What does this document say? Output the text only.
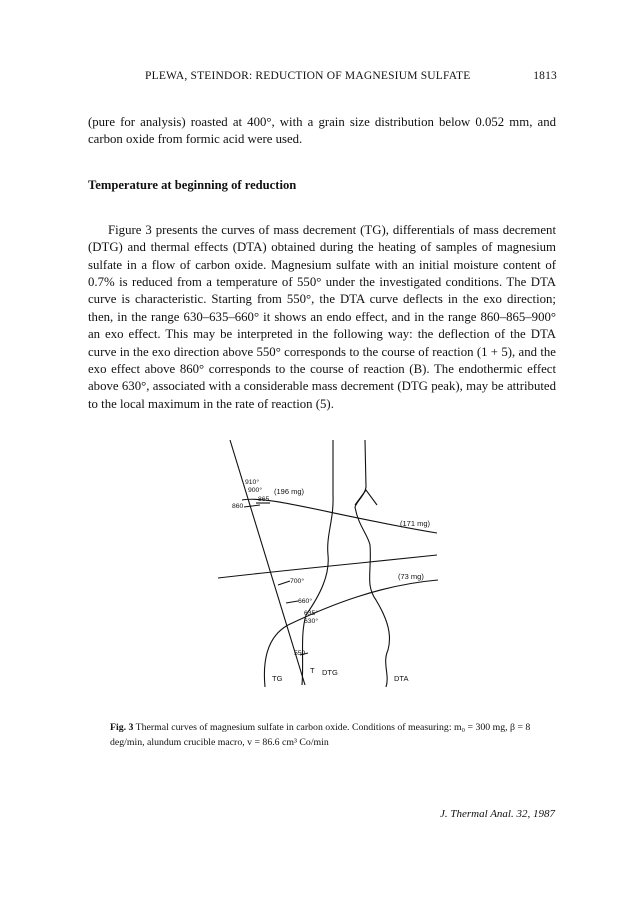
PLEWA, STEINDOR: REDUCTION OF MAGNESIUM SULFATE	1813

(pure for analysis) roasted at 400°, with a grain size distribution below 0.052 mm, and carbon oxide from formic acid were used.

Temperature at beginning of reduction

Figure 3 presents the curves of mass decrement (TG), differentials of mass decrement (DTG) and thermal effects (DTA) obtained during the heating of samples of magnesium sulfate in a flow of carbon oxide. Magnesium sulfate with an initial moisture content of 0.7% is reduced from a temperature of 550° under the investigated conditions. The DTA curve is characteristic. Starting from 550°, the DTA curve deflects in the exo direction; then, in the range 630–635–660° it shows an endo effect, and in the range 860–865–900° an exo effect. This may be interpreted in the following way: the deflection of the DTA curve in the exo direction above 550° corresponds to the course of reaction (1 + 5), and the exo effect above 860° corresponds to the course of reaction (B). The endothermic effect above 630°, associated with a considerable mass decrement (DTG peak), may be attributed to the local maximum in the rate of reaction (5).

910°
900°
865
860
(196 mg)
(171 mg)
(73 mg)
700°
660°
635°
630°
550
TG
T DTG
DTA
Fig. 3 Thermal curves of magnesium sulfate in carbon oxide. Conditions of measuring: m₀ = 300 mg, β = 8 deg/min, alundum crucible macro, v = 86.6 cm³ Co/min
J. Thermal Anal. 32, 1987
